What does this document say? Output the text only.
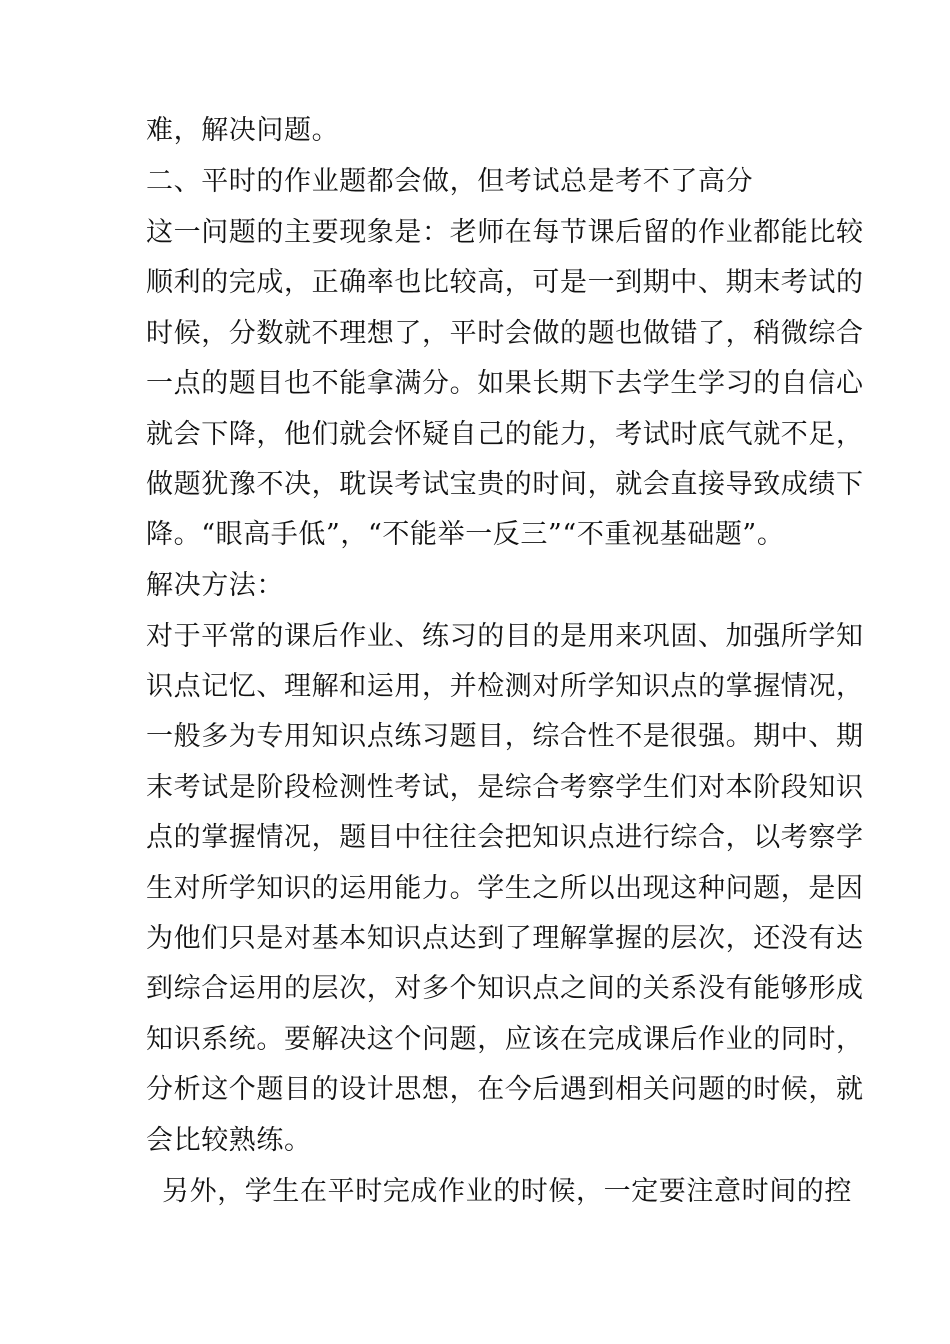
难，解决问题。
二、平时的作业题都会做，但考试总是考不了高分
这一问题的主要现象是：老师在每节课后留的作业都能比较
顺利的完成，正确率也比较高，可是一到期中、期末考试的
时候，分数就不理想了，平时会做的题也做错了，稍微综合
一点的题目也不能拿满分。如果长期下去学生学习的自信心
就会下降，他们就会怀疑自己的能力，考试时底气就不足，
做题犹豫不决，耽误考试宝贵的时间，就会直接导致成绩下
降。“眼高手低”，“不能举一反三”“不重视基础题”。
解决方法：
对于平常的课后作业、练习的目的是用来巩固、加强所学知
识点记忆、理解和运用，并检测对所学知识点的掌握情况，
一般多为专用知识点练习题目，综合性不是很强。期中、期
末考试是阶段检测性考试，是综合考察学生们对本阶段知识
点的掌握情况，题目中往往会把知识点进行综合，以考察学
生对所学知识的运用能力。学生之所以出现这种问题，是因
为他们只是对基本知识点达到了理解掌握的层次，还没有达
到综合运用的层次，对多个知识点之间的关系没有能够形成
知识系统。要解决这个问题，应该在完成课后作业的同时，
分析这个题目的设计思想，在今后遇到相关问题的时候，就
会比较熟练。
另外，学生在平时完成作业的时候，一定要注意时间的控
